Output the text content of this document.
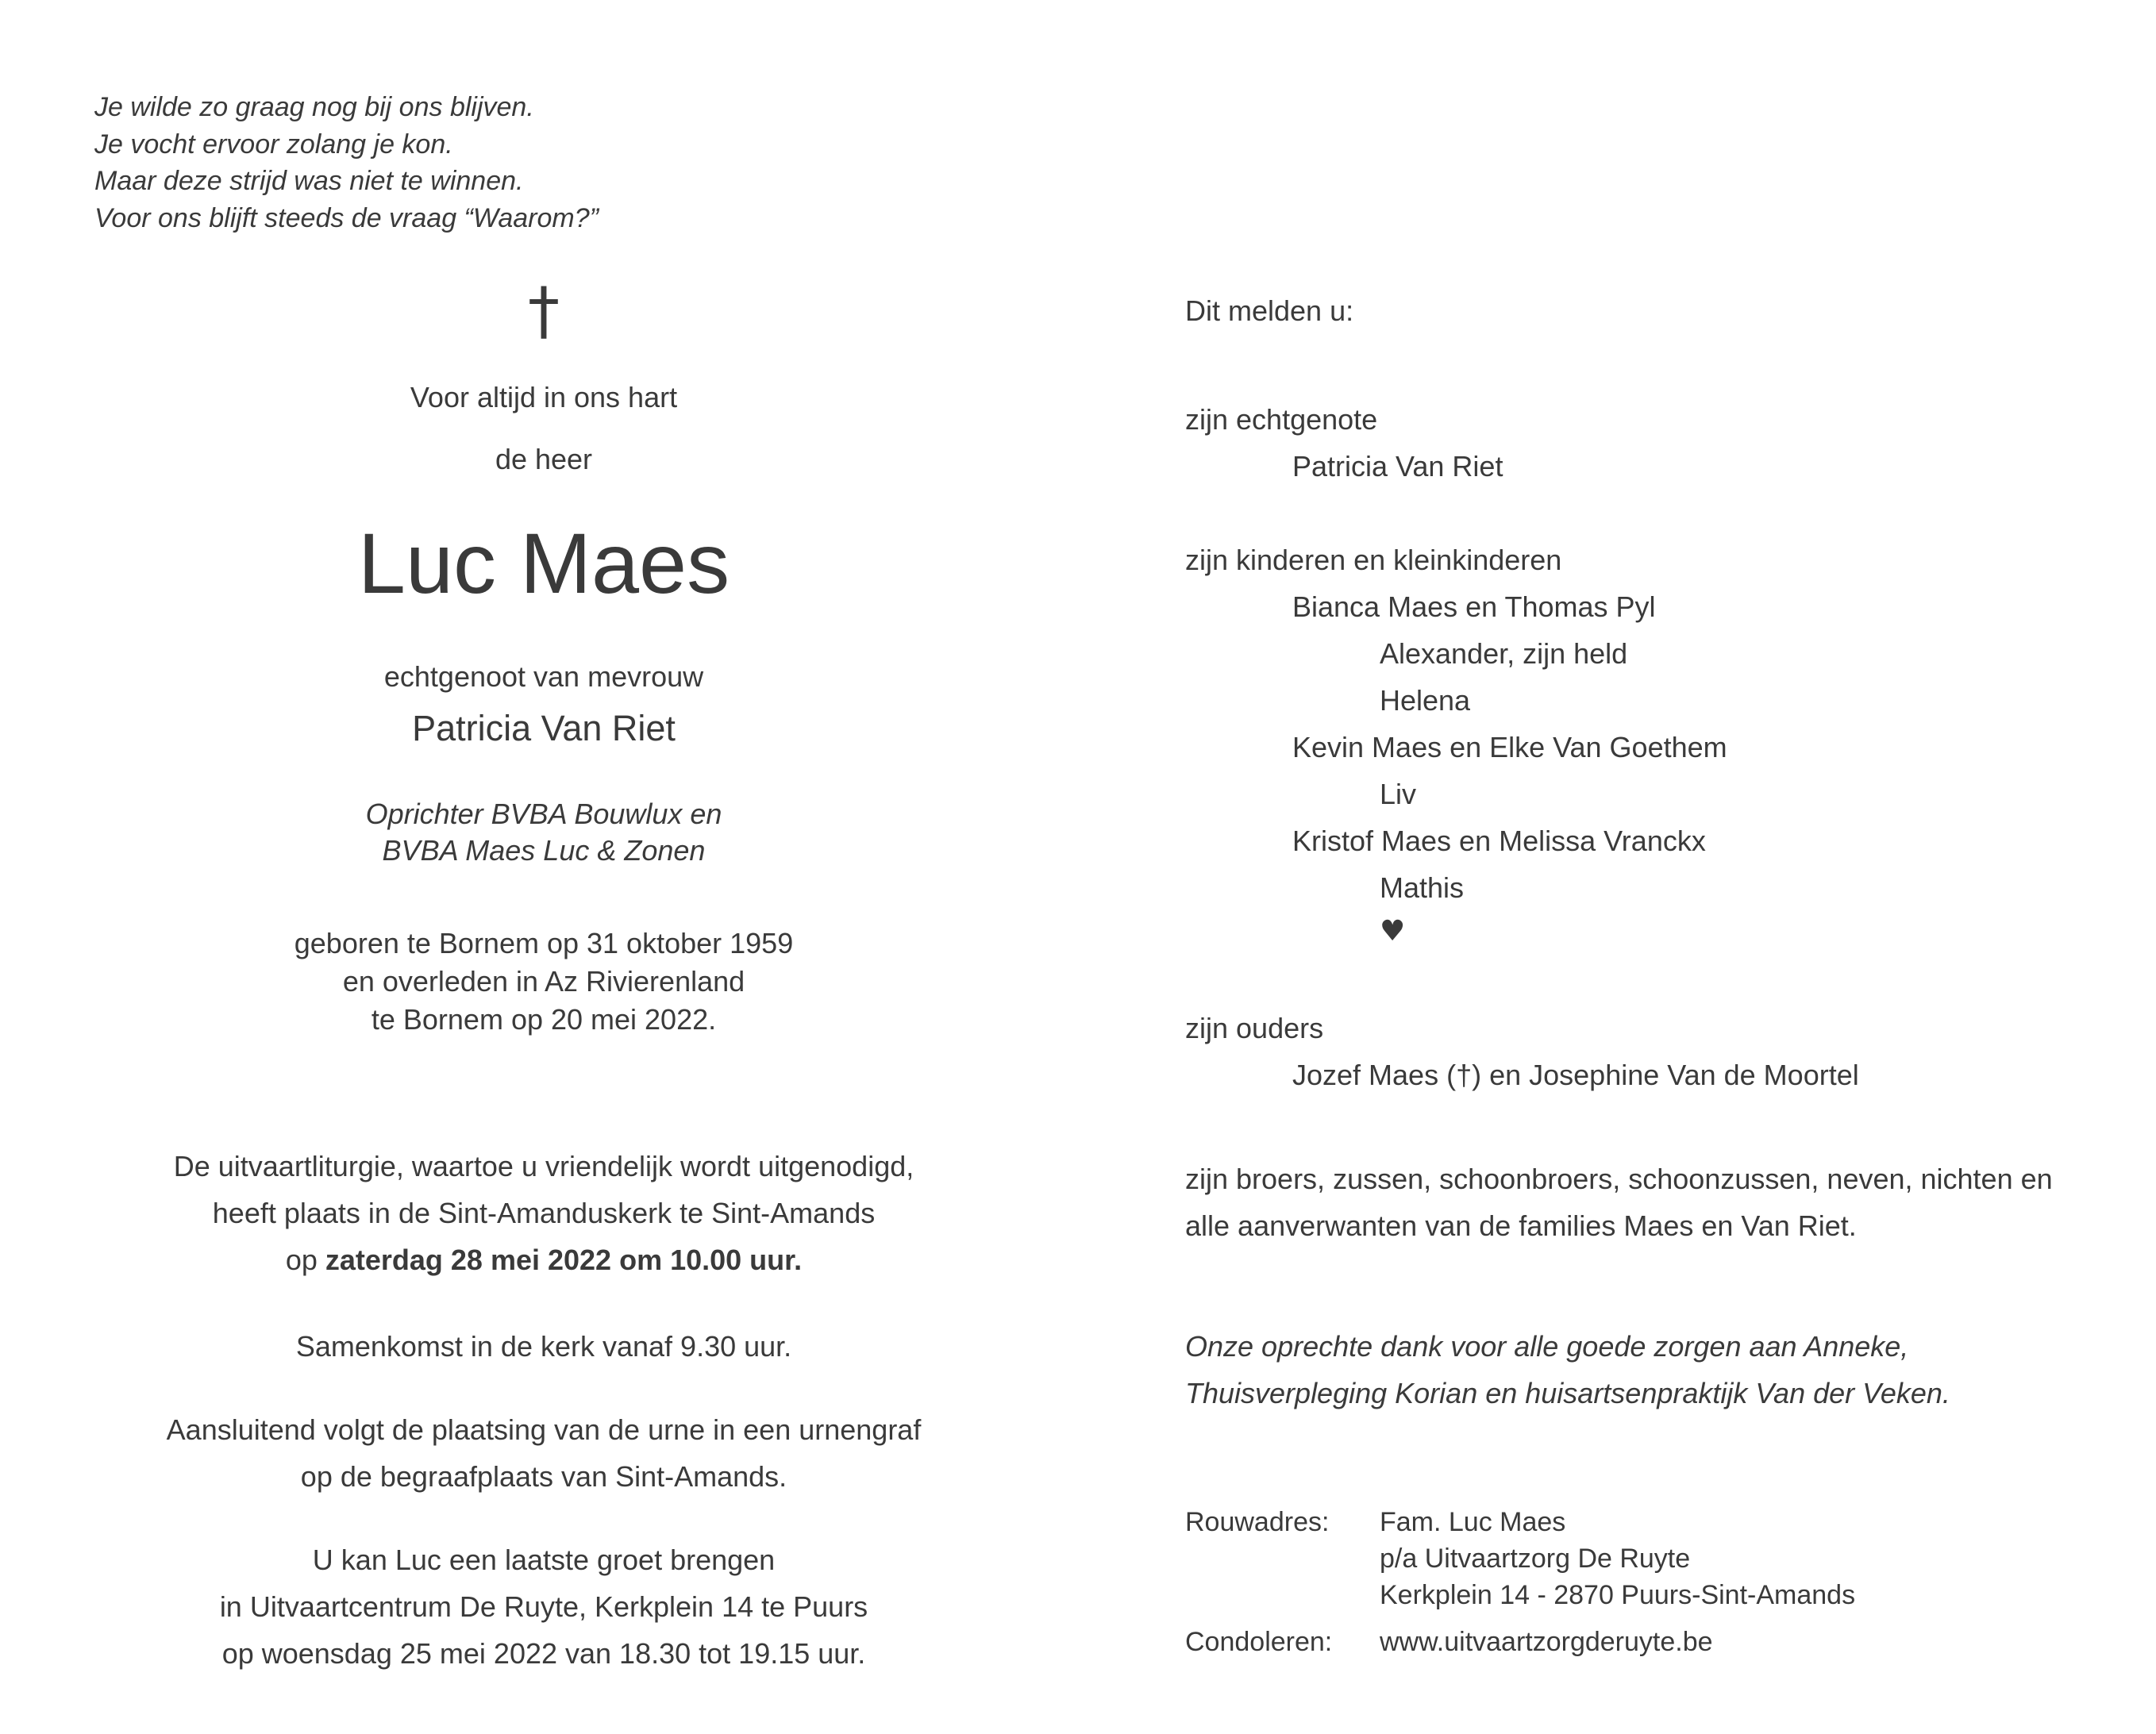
Je wilde zo graag nog bij ons blijven.
Je vocht ervoor zolang je kon.
Maar deze strijd was niet te winnen.
Voor ons blijft steeds de vraag “Waarom?”
†
Voor altijd in ons hart
de heer
Luc Maes
echtgenoot van mevrouw
Patricia Van Riet
Oprichter BVBA Bouwlux en
BVBA Maes Luc & Zonen
geboren te Bornem op 31 oktober 1959
en overleden in Az Rivierenland
te Bornem op 20 mei 2022.
De uitvaartliturgie, waartoe u vriendelijk wordt uitgenodigd,
heeft plaats in de Sint-Amanduskerk te Sint-Amands
op zaterdag 28 mei 2022 om 10.00 uur.
Samenkomst in de kerk vanaf 9.30 uur.
Aansluitend volgt de plaatsing van de urne in een urnengraf
op de begraafplaats van Sint-Amands.
U kan Luc een laatste groet brengen
in Uitvaartcentrum De Ruyte, Kerkplein 14 te Puurs
op woensdag 25 mei 2022 van 18.30 tot 19.15 uur.
Dit melden u:
zijn echtgenote
Patricia Van Riet
zijn kinderen en kleinkinderen
Bianca Maes en Thomas Pyl
Alexander, zijn held
Helena
Kevin Maes en Elke Van Goethem
Liv
Kristof Maes en Melissa Vranckx
Mathis
♥
zijn ouders
Jozef Maes (†) en Josephine Van de Moortel
zijn broers, zussen, schoonbroers, schoonzussen, neven, nichten en
alle aanverwanten van de families Maes en Van Riet.
Onze oprechte dank voor alle goede zorgen aan Anneke,
Thuisverpleging Korian en huisartsenpraktijk Van der Veken.
Rouwadres: Fam. Luc Maes
p/a Uitvaartzorg De Ruyte
Kerkplein 14 - 2870 Puurs-Sint-Amands
Condoleren: www.uitvaartzorgderuyte.be
